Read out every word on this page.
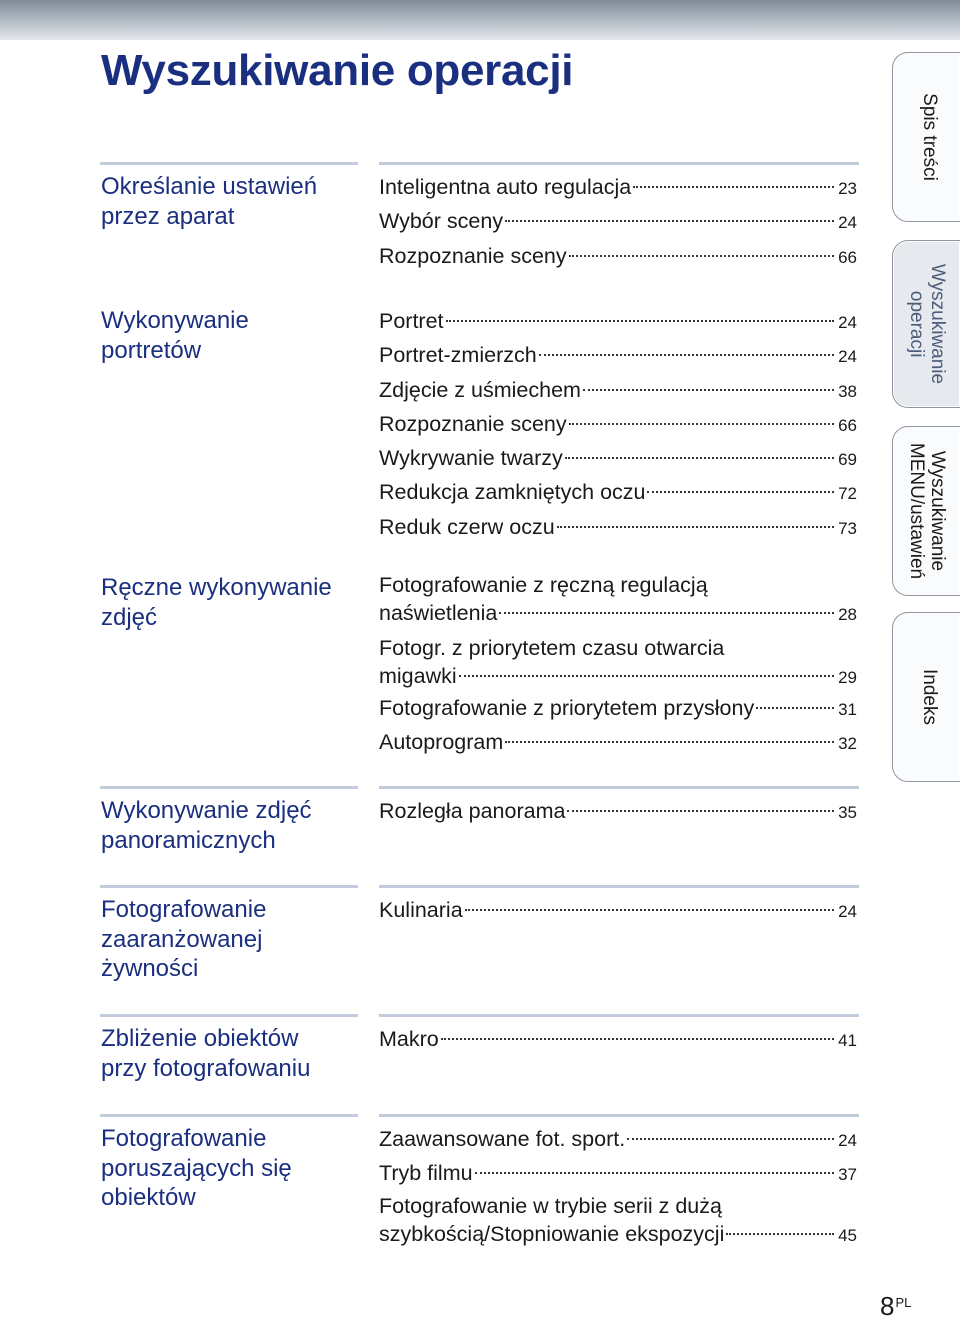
Wyszukiwanie operacji
Określanie ustawień
przez aparat
Inteligentna auto regulacja	23
Wybór sceny	24
Rozpoznanie sceny	66
Wykonywanie
portretów
Portret	24
Portret-zmierzch	24
Zdjęcie z uśmiechem	38
Rozpoznanie sceny	66
Wykrywanie twarzy	69
Redukcja zamkniętych oczu	72
Reduk czerw oczu	73
Ręczne wykonywanie
zdjęć
Fotografowanie z ręczną regulacją
naświetlenia	28
Fotogr. z priorytetem czasu otwarcia
migawki	29
Fotografowanie z priorytetem przysłony	31
Autoprogram	32
Wykonywanie zdjęć
panoramicznych
Rozległa panorama	35
Fotografowanie
zaaranżowanej
żywności
Kulinaria	24
Zbliżenie obiektów
przy fotografowaniu
Makro	41
Fotografowanie
poruszających się
obiektów
Zaawansowane fot. sport.	24
Tryb filmu	37
Fotografowanie w trybie serii z dużą
szybkością/Stopniowanie ekspozycji	45
Spis treści
Wyszukiwanie
operacji
Wyszukiwanie
MENU/ustawień
Indeks
$8^{PL}$
